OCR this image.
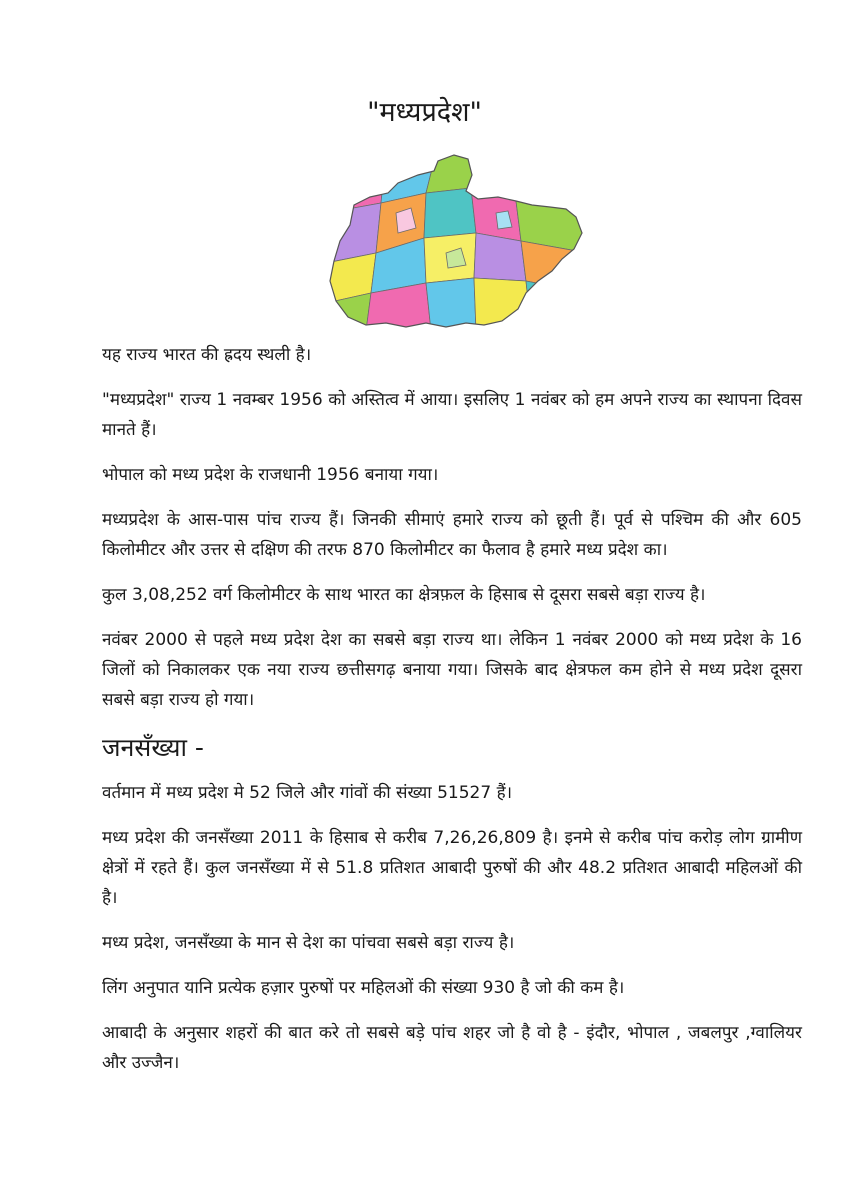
"मध्यप्रदेश"

यह राज्य भारत की ह्रदय स्थली है।

"मध्यप्रदेश" राज्य 1 नवम्बर 1956 को अस्तित्व में आया। इसलिए 1 नवंबर को हम अपने राज्य का स्थापना दिवस मानते हैं।

भोपाल को मध्य प्रदेश के राजधानी 1956 बनाया गया।

मध्यप्रदेश के आस-पास पांच राज्य हैं। जिनकी सीमाएं हमारे राज्य को छूती हैं। पूर्व से पश्चिम की और 605 किलोमीटर और उत्तर से दक्षिण की तरफ 870 किलोमीटर का फैलाव है हमारे मध्य प्रदेश का।

कुल 3,08,252 वर्ग किलोमीटर के साथ भारत का क्षेत्रफ़ल के हिसाब से दूसरा सबसे बड़ा राज्य है।

नवंबर 2000 से पहले मध्य प्रदेश देश का सबसे बड़ा राज्य था। लेकिन 1 नवंबर 2000 को मध्य प्रदेश के 16 जिलों को निकालकर एक नया राज्य छत्तीसगढ़ बनाया गया। जिसके बाद क्षेत्रफल कम होने से मध्य प्रदेश दूसरा सबसे बड़ा राज्य हो गया।

जनसँख्या -

वर्तमान में मध्य प्रदेश मे 52 जिले और गांवों की संख्या 51527 हैं।

मध्य प्रदेश की जनसँख्या 2011 के हिसाब से करीब 7,26,26,809 है। इनमे से करीब पांच करोड़ लोग ग्रामीण क्षेत्रों में रहते हैं। कुल जनसँख्या में से 51.8 प्रतिशत आबादी पुरुषों की और 48.2 प्रतिशत आबादी महिलओं की है।

मध्य प्रदेश, जनसँख्या के मान से देश का पांचवा सबसे बड़ा राज्य है।

लिंग अनुपात यानि प्रत्येक हज़ार पुरुषों पर महिलओं की संख्या 930 है जो की कम है।

आबादी के अनुसार शहरों की बात करे तो सबसे बड़े पांच शहर जो है वो है - इंदौर, भोपाल , जबलपुर ,ग्वालियर और उज्जैन।
